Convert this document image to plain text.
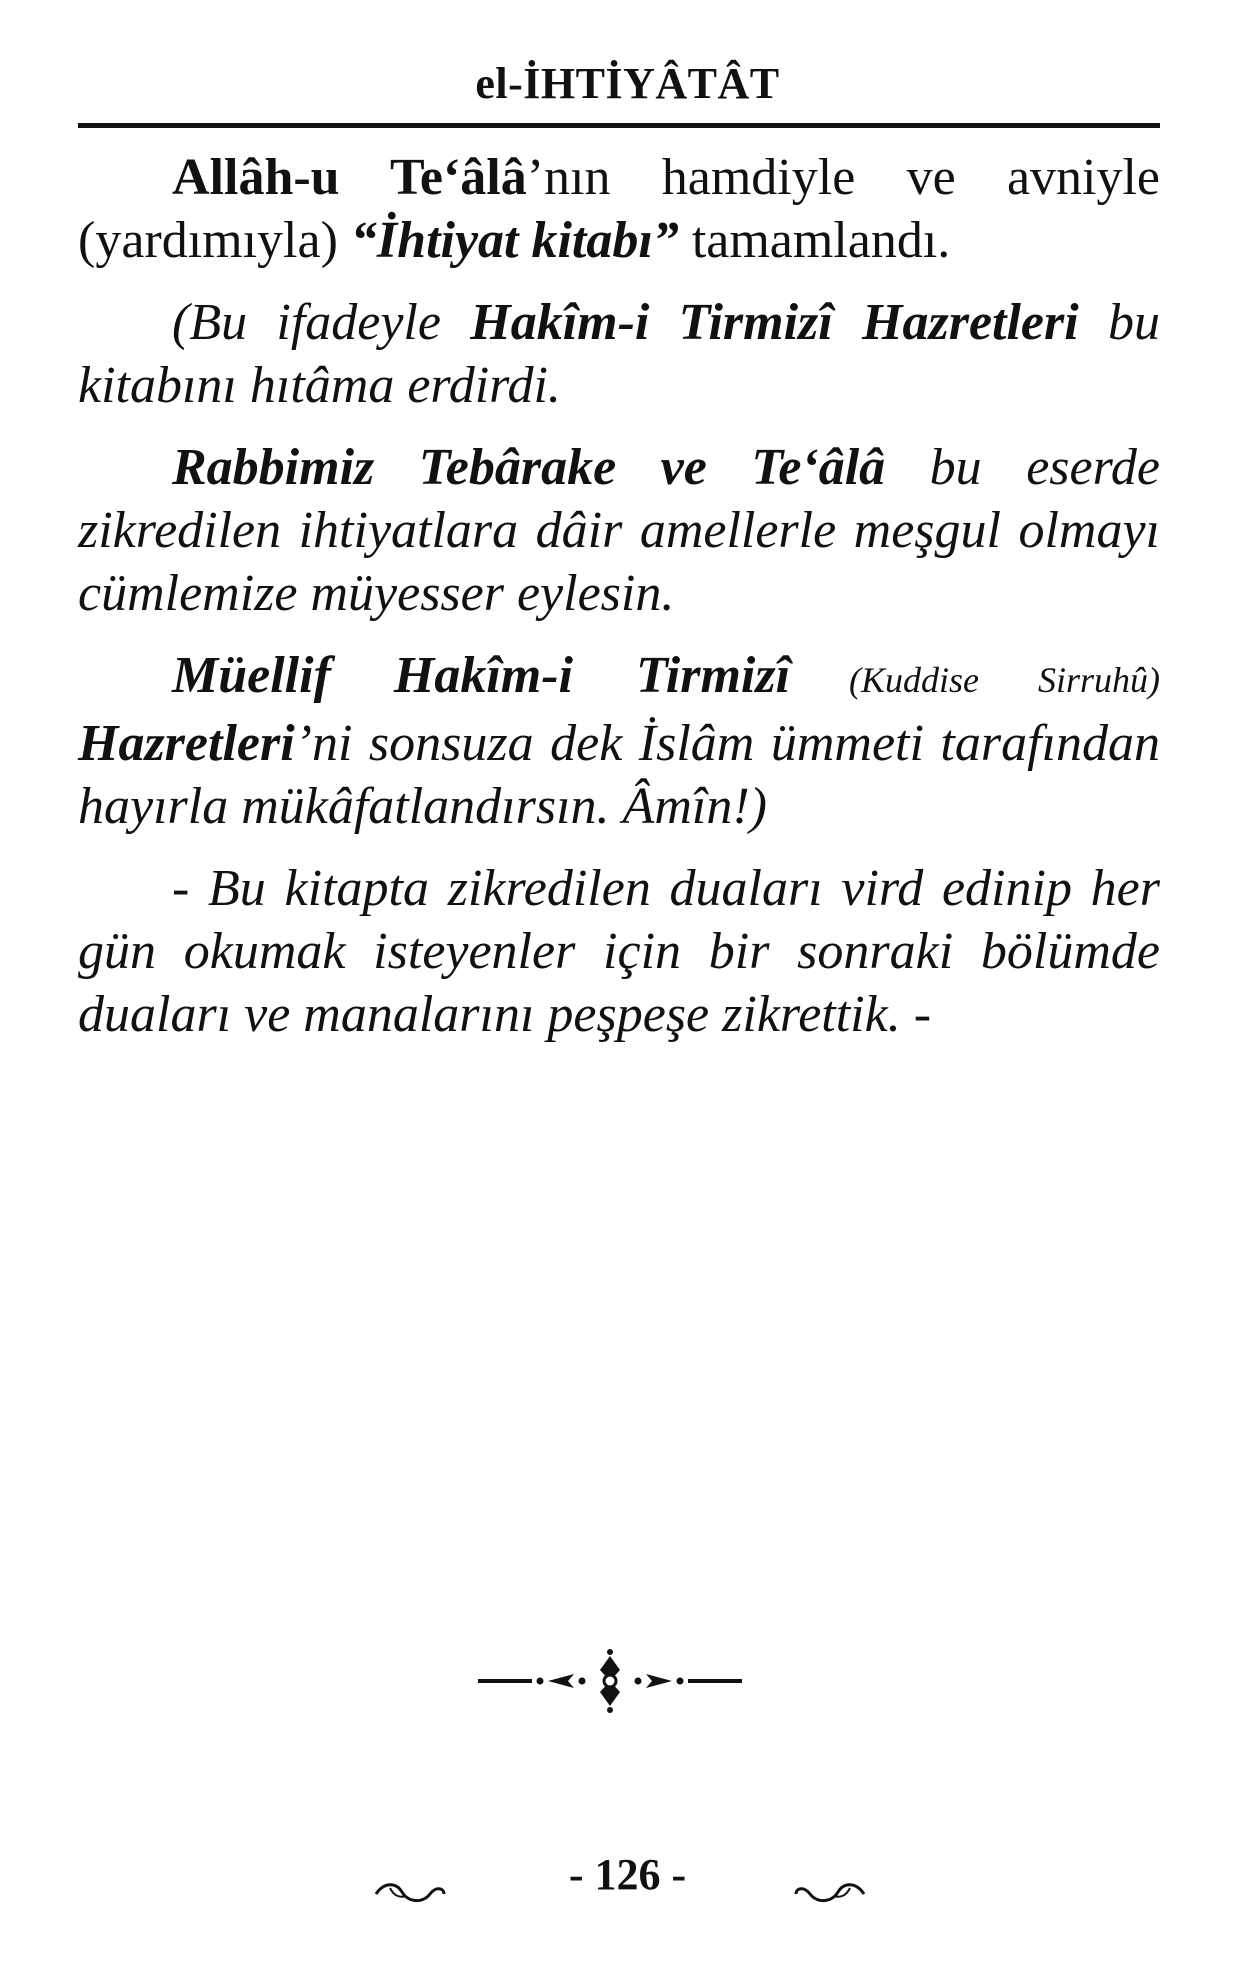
el-İHTİYÂTÂT

Allâh-u Te‘âlâ’nın hamdiyle ve avniyle (yardımıyla) “İhtiyat kitabı” tamamlandı.

(Bu ifadeyle Hakîm-i Tirmizî Hazretleri bu kitabını hıtâma erdirdi.

Rabbimiz Tebârake ve Te‘âlâ bu eserde zikredilen ihtiyatlara dâir amellerle meşgul olmayı cümlemize müyesser eylesin.

Müellif Hakîm-i Tirmizî (Kuddise Sirruhû) Hazretleri’ni sonsuza dek İslâm ümmeti tarafından hayırla mükâfatlandırsın. Âmîn!)

- Bu kitapta zikredilen duaları vird edinip her gün okumak isteyenler için bir sonraki bölümde duaları ve manalarını peşpeşe zikrettik. -

- 126 -
